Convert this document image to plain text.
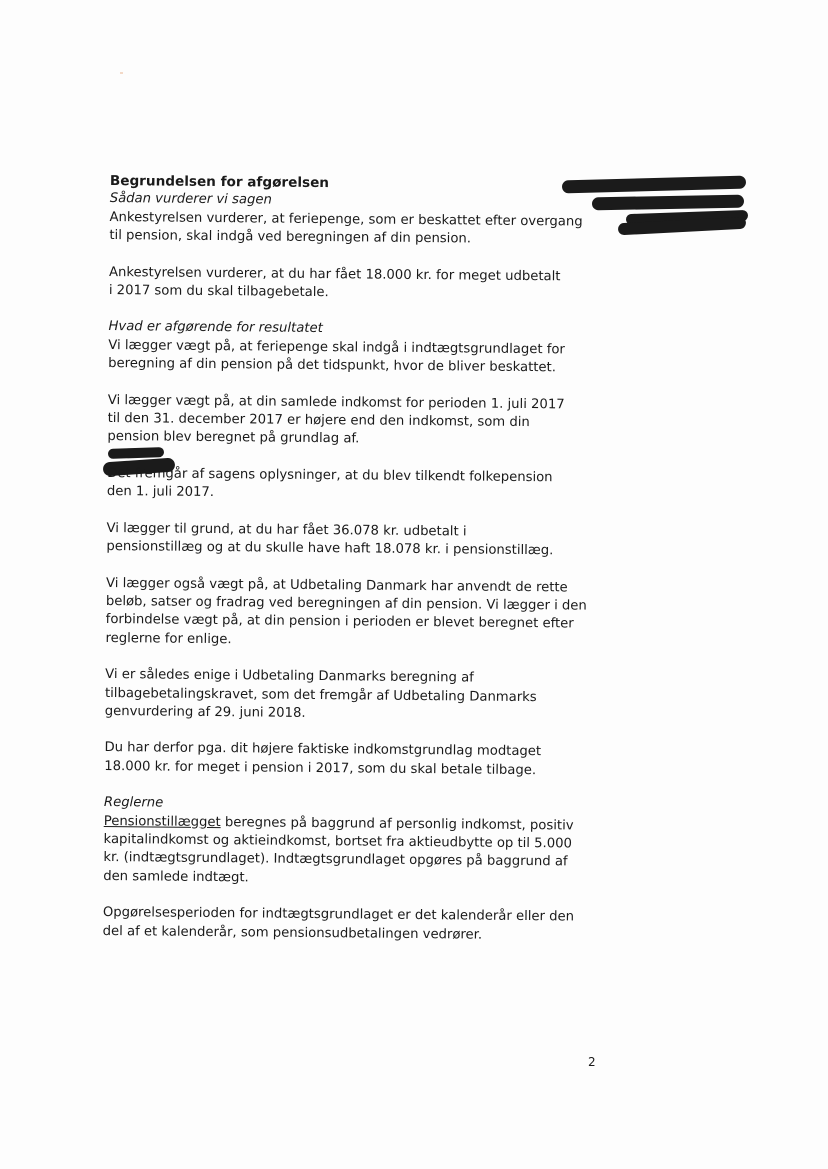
Begrundelsen for afgørelsen

Sådan vurderer vi sagen

Ankestyrelsen vurderer, at feriepenge, som er beskattet efter overgang
til pension, skal indgå ved beregningen af din pension.

Ankestyrelsen vurderer, at du har fået 18.000 kr. for meget udbetalt
i 2017 som du skal tilbagebetale.

Hvad er afgørende for resultatet

Vi lægger vægt på, at feriepenge skal indgå i indtægtsgrundlaget for
beregning af din pension på det tidspunkt, hvor de bliver beskattet.

Vi lægger vægt på, at din samlede indkomst for perioden 1. juli 2017
til den 31. december 2017 er højere end den indkomst, som din
pension blev beregnet på grundlag af.

Det fremgår af sagens oplysninger, at du blev tilkendt folkepension
den 1. juli 2017.

Vi lægger til grund, at du har fået 36.078 kr. udbetalt i
pensionstillæg og at du skulle have haft 18.078 kr. i pensionstillæg.

Vi lægger også vægt på, at Udbetaling Danmark har anvendt de rette
beløb, satser og fradrag ved beregningen af din pension. Vi lægger i den
forbindelse vægt på, at din pension i perioden er blevet beregnet efter
reglerne for enlige.

Vi er således enige i Udbetaling Danmarks beregning af
tilbagebetalingskravet, som det fremgår af Udbetaling Danmarks
genvurdering af 29. juni 2018.

Du har derfor pga. dit højere faktiske indkomstgrundlag modtaget
18.000 kr. for meget i pension i 2017, som du skal betale tilbage.

Reglerne

Pensionstillægget beregnes på baggrund af personlig indkomst, positiv
kapitalindkomst og aktieindkomst, bortset fra aktieudbytte op til 5.000
kr. (indtægtsgrundlaget). Indtægtsgrundlaget opgøres på baggrund af
den samlede indtægt.

Opgørelsesperioden for indtægtsgrundlaget er det kalenderår eller den
del af et kalenderår, som pensionsudbetalingen vedrører.

2
